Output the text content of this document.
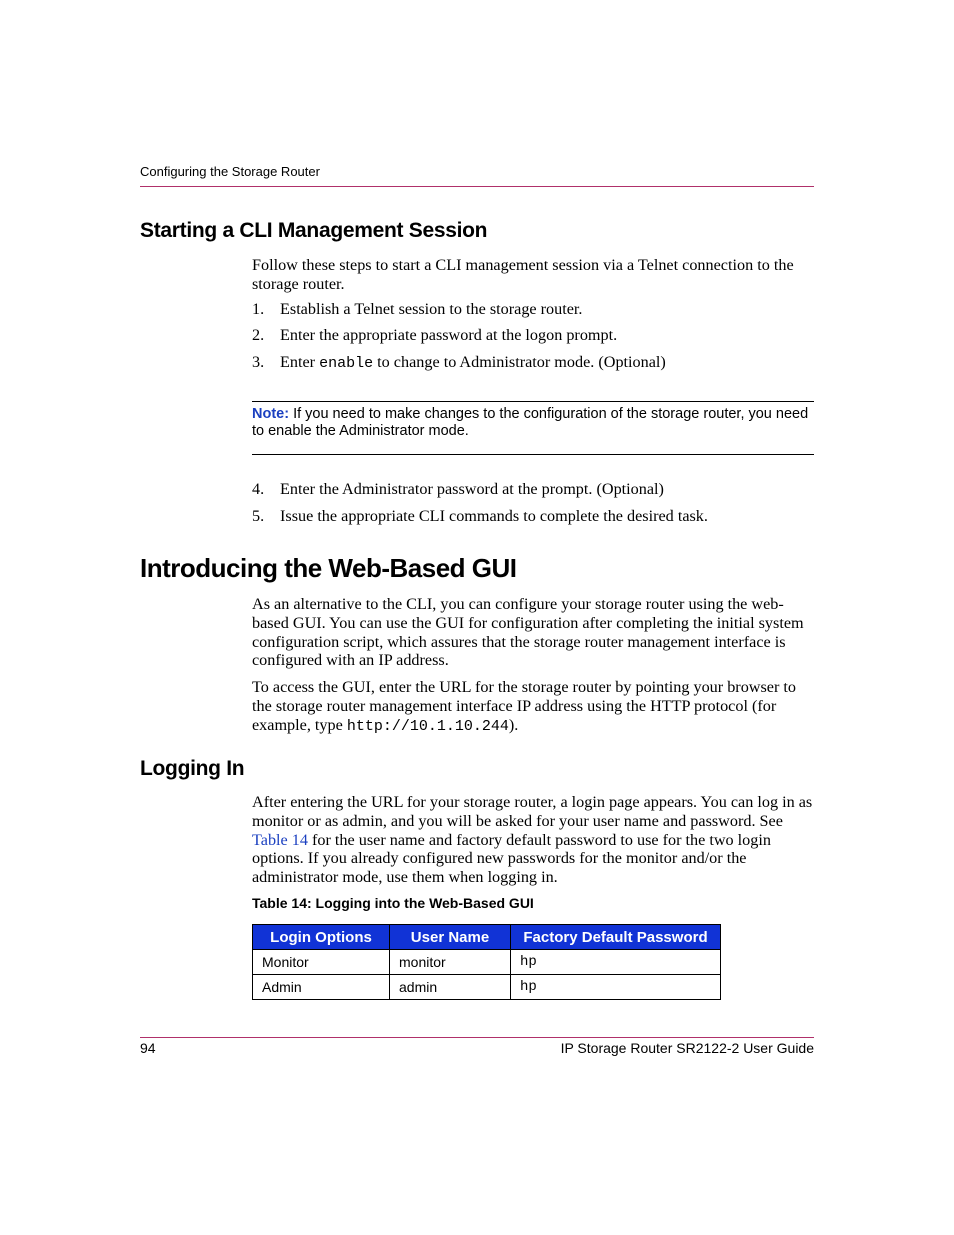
Configuring the Storage Router
Starting a CLI Management Session
Follow these steps to start a CLI management session via a Telnet connection to the storage router.
1. Establish a Telnet session to the storage router.
2. Enter the appropriate password at the logon prompt.
3. Enter enable to change to Administrator mode. (Optional)
Note: If you need to make changes to the configuration of the storage router, you need to enable the Administrator mode.
4. Enter the Administrator password at the prompt. (Optional)
5. Issue the appropriate CLI commands to complete the desired task.
Introducing the Web-Based GUI
As an alternative to the CLI, you can configure your storage router using the web-based GUI. You can use the GUI for configuration after completing the initial system configuration script, which assures that the storage router management interface is configured with an IP address.
To access the GUI, enter the URL for the storage router by pointing your browser to the storage router management interface IP address using the HTTP protocol (for example, type http://10.1.10.244).
Logging In
After entering the URL for your storage router, a login page appears. You can log in as monitor or as admin, and you will be asked for your user name and password. See Table 14 for the user name and factory default password to use for the two login options. If you already configured new passwords for the monitor and/or the administrator mode, use them when logging in.
Table 14: Logging into the Web-Based GUI
Login Options	User Name	Factory Default Password
Monitor	monitor	hp
Admin	admin	hp
94	IP Storage Router SR2122-2 User Guide
